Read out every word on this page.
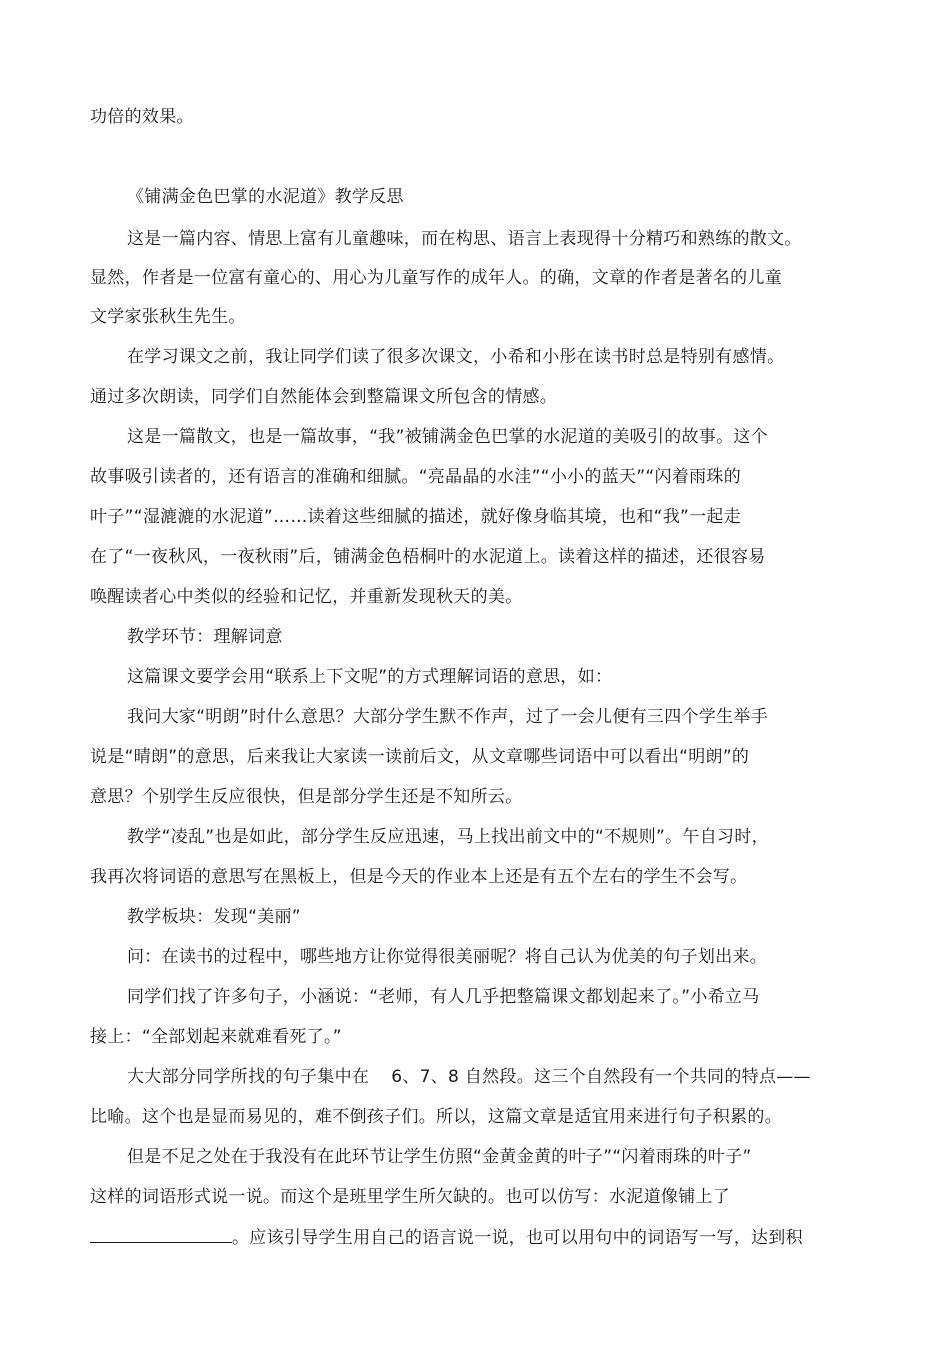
功倍的效果。
《铺满金色巴掌的水泥道》教学反思
这是一篇内容、情思上富有儿童趣味，而在构思、语言上表现得十分精巧和熟练的散文。
显然，作者是一位富有童心的、用心为儿童写作的成年人。的确，文章的作者是著名的儿童
文学家张秋生先生。
在学习课文之前，我让同学们读了很多次课文，小希和小彤在读书时总是特别有感情。
通过多次朗读，同学们自然能体会到整篇课文所包含的情感。
这是一篇散文，也是一篇故事，“我”被铺满金色巴掌的水泥道的美吸引的故事。这个
故事吸引读者的，还有语言的准确和细腻。“亮晶晶的水洼”“小小的蓝天”“闪着雨珠的
叶子”“湿漉漉的水泥道”……读着这些细腻的描述，就好像身临其境，也和“我”一起走
在了“一夜秋风，一夜秋雨”后，铺满金色梧桐叶的水泥道上。读着这样的描述，还很容易
唤醒读者心中类似的经验和记忆，并重新发现秋天的美。
教学环节：理解词意
这篇课文要学会用“联系上下文呢”的方式理解词语的意思，如：
我问大家“明朗”时什么意思？大部分学生默不作声，过了一会儿便有三四个学生举手
说是“晴朗”的意思，后来我让大家读一读前后文，从文章哪些词语中可以看出“明朗”的
意思？个别学生反应很快，但是部分学生还是不知所云。
教学“凌乱”也是如此，部分学生反应迅速，马上找出前文中的“不规则”。午自习时，
我再次将词语的意思写在黑板上，但是今天的作业本上还是有五个左右的学生不会写。
教学板块：发现“美丽”
问：在读书的过程中，哪些地方让你觉得很美丽呢？将自己认为优美的句子划出来。
同学们找了许多句子，小涵说：“老师，有人几乎把整篇课文都划起来了。”小希立马
接上：“全部划起来就难看死了。”
大大部分同学所找的句子集中在 6、7、8 自然段。这三个自然段有一个共同的特点——
比喻。这个也是显而易见的，难不倒孩子们。所以，这篇文章是适宜用来进行句子积累的。
但是不足之处在于我没有在此环节让学生仿照“金黄金黄的叶子”“闪着雨珠的叶子”
这样的词语形式说一说。而这个是班里学生所欠缺的。也可以仿写：水泥道像铺上了
。应该引导学生用自己的语言说一说，也可以用句中的词语写一写，达到积
